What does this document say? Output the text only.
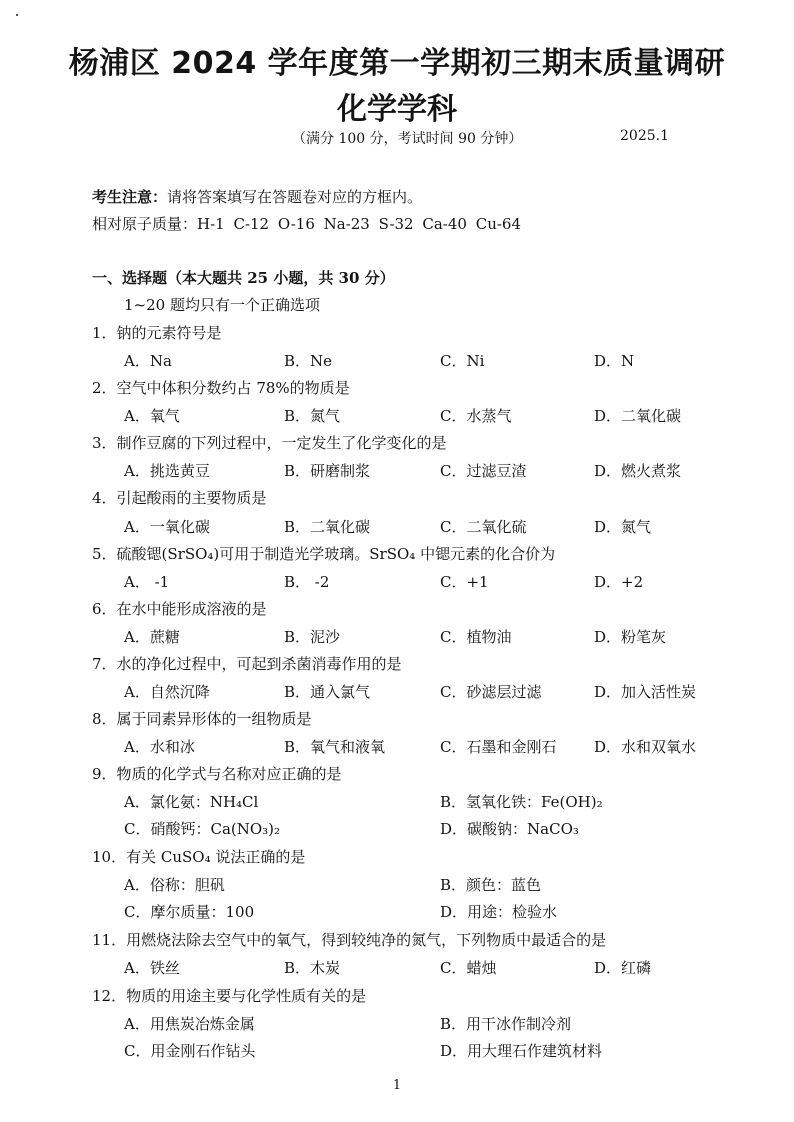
杨浦区 2024 学年度第一学期初三期末质量调研
化学学科
（满分 100 分，考试时间 90 分钟）	2025.1
考生注意：请将答案填写在答题卷对应的方框内。
相对原子质量：H-1 C-12 O-16 Na-23 S-32 Ca-40 Cu-64
一、选择题（本大题共 25 小题，共 30 分）
1~20 题均只有一个正确选项
1．钠的元素符号是
A．Na	B．Ne	C．Ni	D．N
2．空气中体积分数约占 78%的物质是
A．氧气	B．氮气	C．水蒸气	D．二氧化碳
3．制作豆腐的下列过程中，一定发生了化学变化的是
A．挑选黄豆	B．研磨制浆	C．过滤豆渣	D．燃火煮浆
4．引起酸雨的主要物质是
A．一氧化碳	B．二氧化碳	C．二氧化硫	D．氮气
5．硫酸锶(SrSO₄)可用于制造光学玻璃。SrSO₄ 中锶元素的化合价为
A． -1	B． -2	C．+1	D．+2
6．在水中能形成溶液的是
A．蔗糖	B．泥沙	C．植物油	D．粉笔灰
7．水的净化过程中，可起到杀菌消毒作用的是
A．自然沉降	B．通入氯气	C．砂滤层过滤	D．加入活性炭
8．属于同素异形体的一组物质是
A．水和冰	B．氧气和液氧	C．石墨和金刚石	D．水和双氧水
9．物质的化学式与名称对应正确的是
A．氯化氨：NH₄Cl	B．氢氧化铁：Fe(OH)₂
C．硝酸钙：Ca(NO₃)₂	D．碳酸钠：NaCO₃
10．有关 CuSO₄ 说法正确的是
A．俗称：胆矾	B．颜色：蓝色
C．摩尔质量：100	D．用途：检验水
11．用燃烧法除去空气中的氧气，得到较纯净的氮气，下列物质中最适合的是
A．铁丝	B．木炭	C．蜡烛	D．红磷
12．物质的用途主要与化学性质有关的是
A．用焦炭冶炼金属	B．用干冰作制冷剂
C．用金刚石作钻头	D．用大理石作建筑材料
1
